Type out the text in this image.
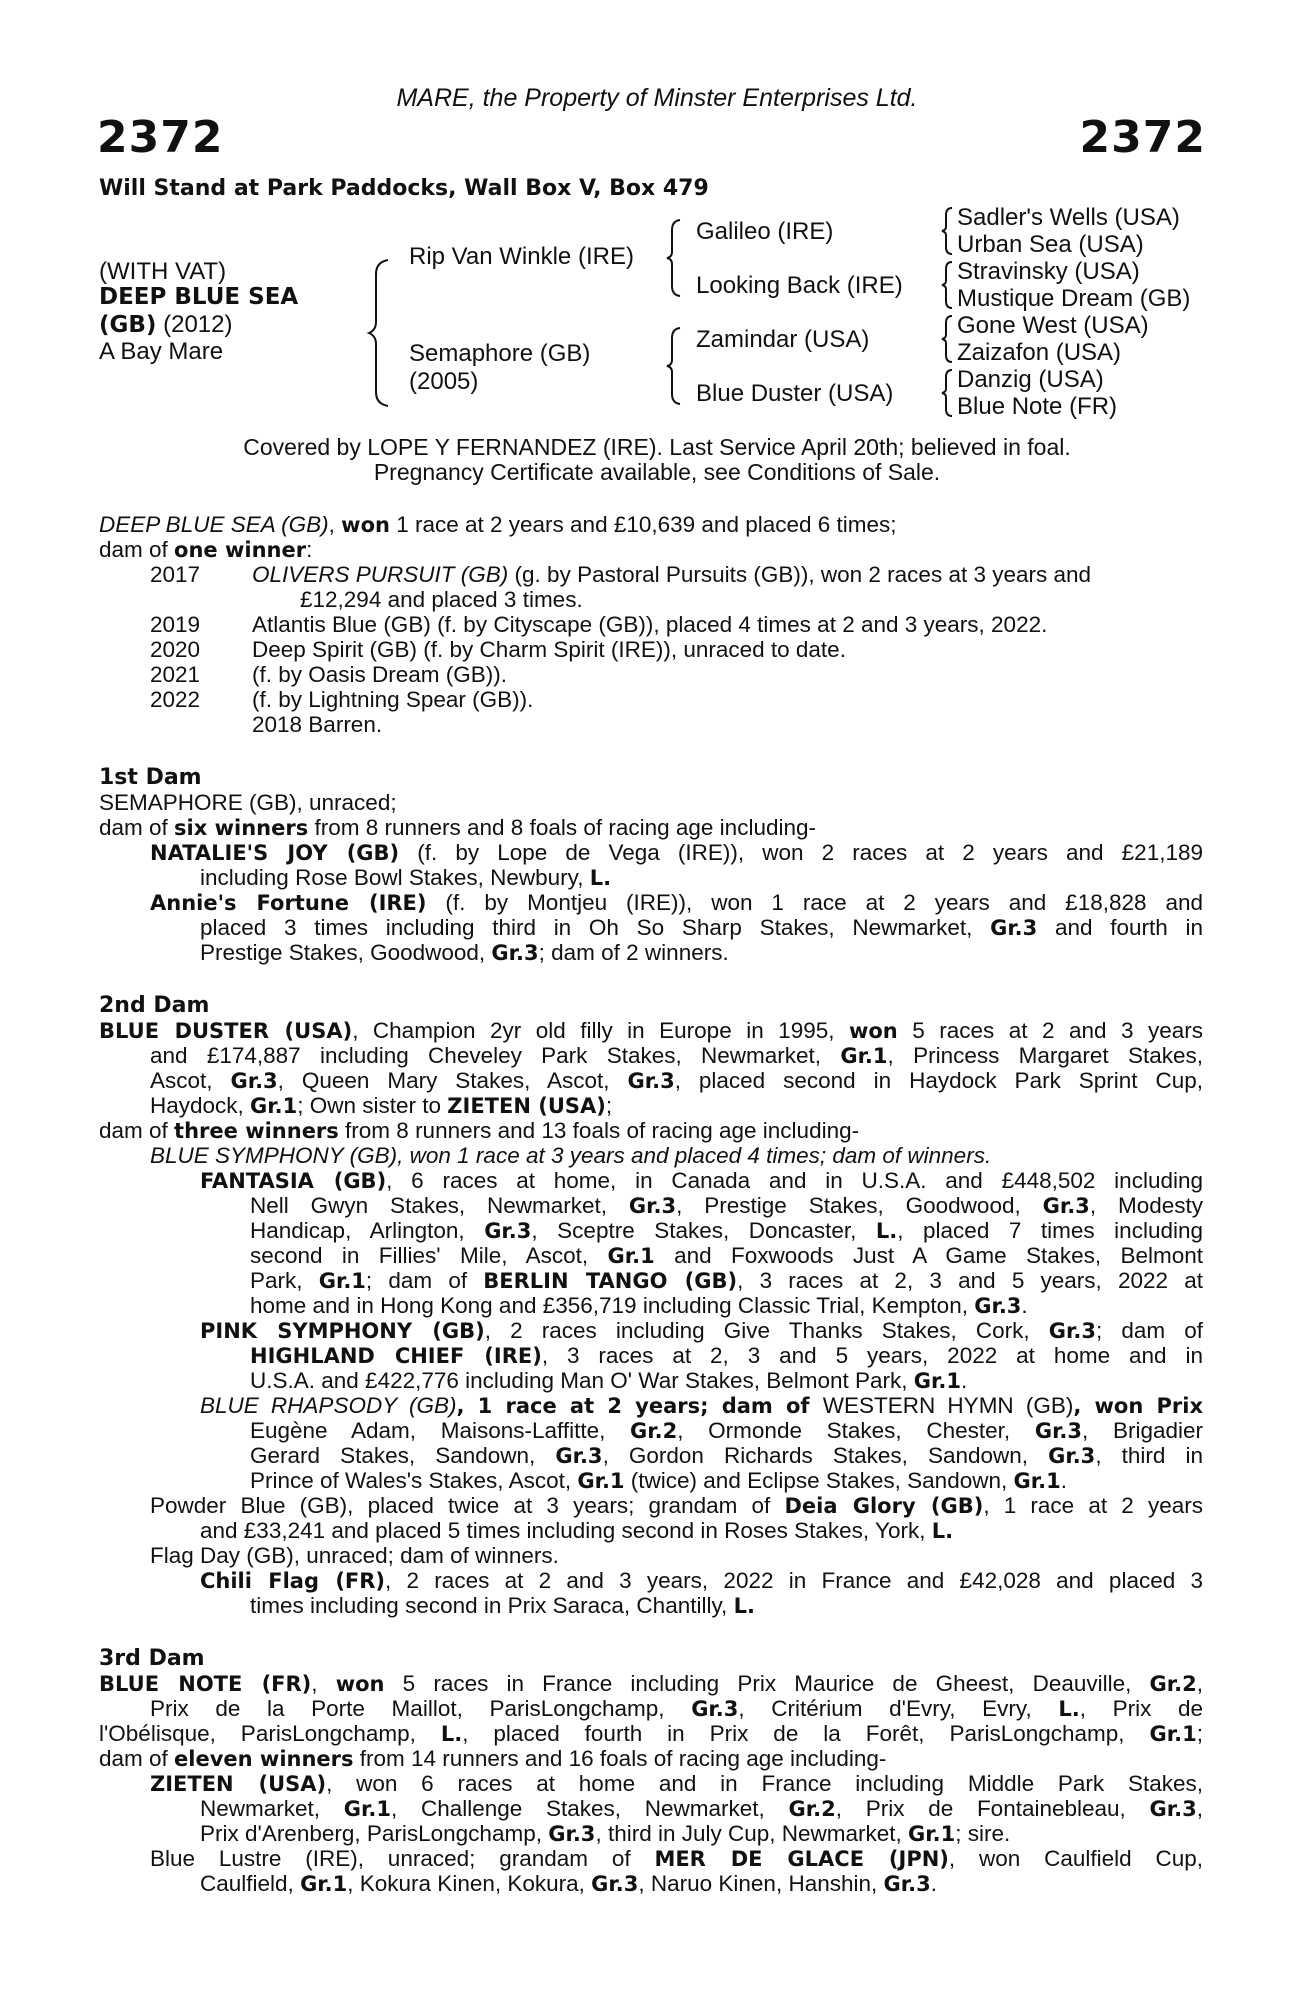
MARE, the Property of Minster Enterprises Ltd.
2372	2372
Will Stand at Park Paddocks, Wall Box V, Box 479
(WITH VAT)
DEEP BLUE SEA
(GB) (2012)
A Bay Mare
Rip Van Winkle (IRE)
Semaphore (GB)
(2005)
Galileo (IRE)
Looking Back (IRE)
Zamindar (USA)
Blue Duster (USA)
Sadler's Wells (USA)
Urban Sea (USA)
Stravinsky (USA)
Mustique Dream (GB)
Gone West (USA)
Zaizafon (USA)
Danzig (USA)
Blue Note (FR)
Covered by LOPE Y FERNANDEZ (IRE). Last Service April 20th; believed in foal.
Pregnancy Certificate available, see Conditions of Sale.
DEEP BLUE SEA (GB), won 1 race at 2 years and £10,639 and placed 6 times;
dam of one winner:
2017 OLIVERS PURSUIT (GB) (g. by Pastoral Pursuits (GB)), won 2 races at 3 years and
£12,294 and placed 3 times.
2019 Atlantis Blue (GB) (f. by Cityscape (GB)), placed 4 times at 2 and 3 years, 2022.
2020 Deep Spirit (GB) (f. by Charm Spirit (IRE)), unraced to date.
2021 (f. by Oasis Dream (GB)).
2022 (f. by Lightning Spear (GB)).
2018 Barren.
1st Dam
SEMAPHORE (GB), unraced;
dam of six winners from 8 runners and 8 foals of racing age including-
NATALIE'S JOY (GB) (f. by Lope de Vega (IRE)), won 2 races at 2 years and £21,189
including Rose Bowl Stakes, Newbury, L.
Annie's Fortune (IRE) (f. by Montjeu (IRE)), won 1 race at 2 years and £18,828 and
placed 3 times including third in Oh So Sharp Stakes, Newmarket, Gr.3 and fourth in
Prestige Stakes, Goodwood, Gr.3; dam of 2 winners.
2nd Dam
BLUE DUSTER (USA), Champion 2yr old filly in Europe in 1995, won 5 races at 2 and 3 years
and £174,887 including Cheveley Park Stakes, Newmarket, Gr.1, Princess Margaret Stakes,
Ascot, Gr.3, Queen Mary Stakes, Ascot, Gr.3, placed second in Haydock Park Sprint Cup,
Haydock, Gr.1; Own sister to ZIETEN (USA);
dam of three winners from 8 runners and 13 foals of racing age including-
BLUE SYMPHONY (GB), won 1 race at 3 years and placed 4 times; dam of winners.
FANTASIA (GB), 6 races at home, in Canada and in U.S.A. and £448,502 including
Nell Gwyn Stakes, Newmarket, Gr.3, Prestige Stakes, Goodwood, Gr.3, Modesty
Handicap, Arlington, Gr.3, Sceptre Stakes, Doncaster, L., placed 7 times including
second in Fillies' Mile, Ascot, Gr.1 and Foxwoods Just A Game Stakes, Belmont
Park, Gr.1; dam of BERLIN TANGO (GB), 3 races at 2, 3 and 5 years, 2022 at
home and in Hong Kong and £356,719 including Classic Trial, Kempton, Gr.3.
PINK SYMPHONY (GB), 2 races including Give Thanks Stakes, Cork, Gr.3; dam of
HIGHLAND CHIEF (IRE), 3 races at 2, 3 and 5 years, 2022 at home and in
U.S.A. and £422,776 including Man O' War Stakes, Belmont Park, Gr.1.
BLUE RHAPSODY (GB), 1 race at 2 years; dam of WESTERN HYMN (GB), won Prix
Eugène Adam, Maisons-Laffitte, Gr.2, Ormonde Stakes, Chester, Gr.3, Brigadier
Gerard Stakes, Sandown, Gr.3, Gordon Richards Stakes, Sandown, Gr.3, third in
Prince of Wales's Stakes, Ascot, Gr.1 (twice) and Eclipse Stakes, Sandown, Gr.1.
Powder Blue (GB), placed twice at 3 years; grandam of Deia Glory (GB), 1 race at 2 years
and £33,241 and placed 5 times including second in Roses Stakes, York, L.
Flag Day (GB), unraced; dam of winners.
Chili Flag (FR), 2 races at 2 and 3 years, 2022 in France and £42,028 and placed 3
times including second in Prix Saraca, Chantilly, L.
3rd Dam
BLUE NOTE (FR), won 5 races in France including Prix Maurice de Gheest, Deauville, Gr.2,
Prix de la Porte Maillot, ParisLongchamp, Gr.3, Critérium d'Evry, Evry, L., Prix de
l'Obélisque, ParisLongchamp, L., placed fourth in Prix de la Forêt, ParisLongchamp, Gr.1;
dam of eleven winners from 14 runners and 16 foals of racing age including-
ZIETEN (USA), won 6 races at home and in France including Middle Park Stakes,
Newmarket, Gr.1, Challenge Stakes, Newmarket, Gr.2, Prix de Fontainebleau, Gr.3,
Prix d'Arenberg, ParisLongchamp, Gr.3, third in July Cup, Newmarket, Gr.1; sire.
Blue Lustre (IRE), unraced; grandam of MER DE GLACE (JPN), won Caulfield Cup,
Caulfield, Gr.1, Kokura Kinen, Kokura, Gr.3, Naruo Kinen, Hanshin, Gr.3.
